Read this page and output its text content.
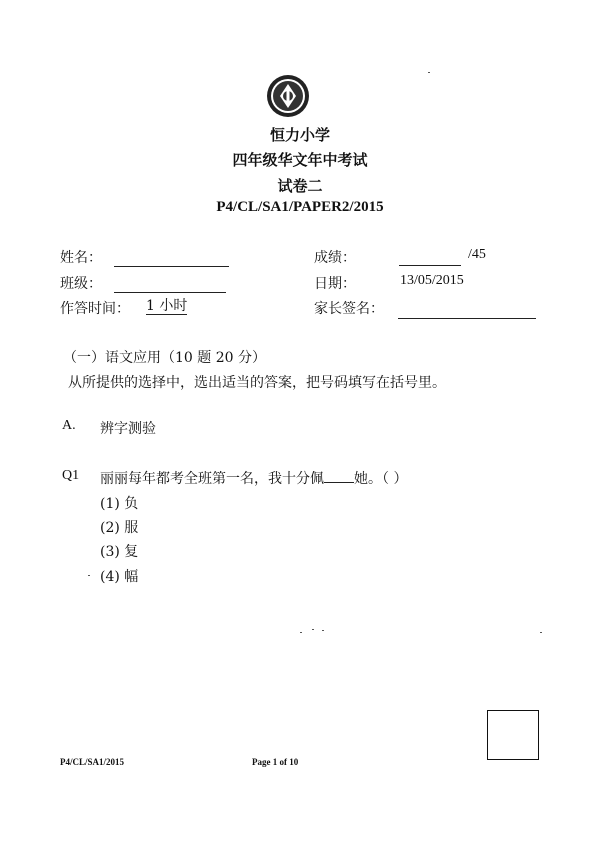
恒力小学
四年级华文年中考试
试卷二
P4/CL/SA1/PAPER2/2015
姓名：
班级：
作答时间： 1 小时
成绩：	/45
日期：	13/05/2015
家长签名：
（一）语文应用（10 题 20 分）
从所提供的选择中，选出适当的答案，把号码填写在括号里。
A. 辨字测验
Q1 丽丽每年都考全班第一名，我十分佩 她。（ ）
(1) 负
(2) 服
(3) 复
(4) 幅
P4/CL/SA1/2015	Page 1 of 10
